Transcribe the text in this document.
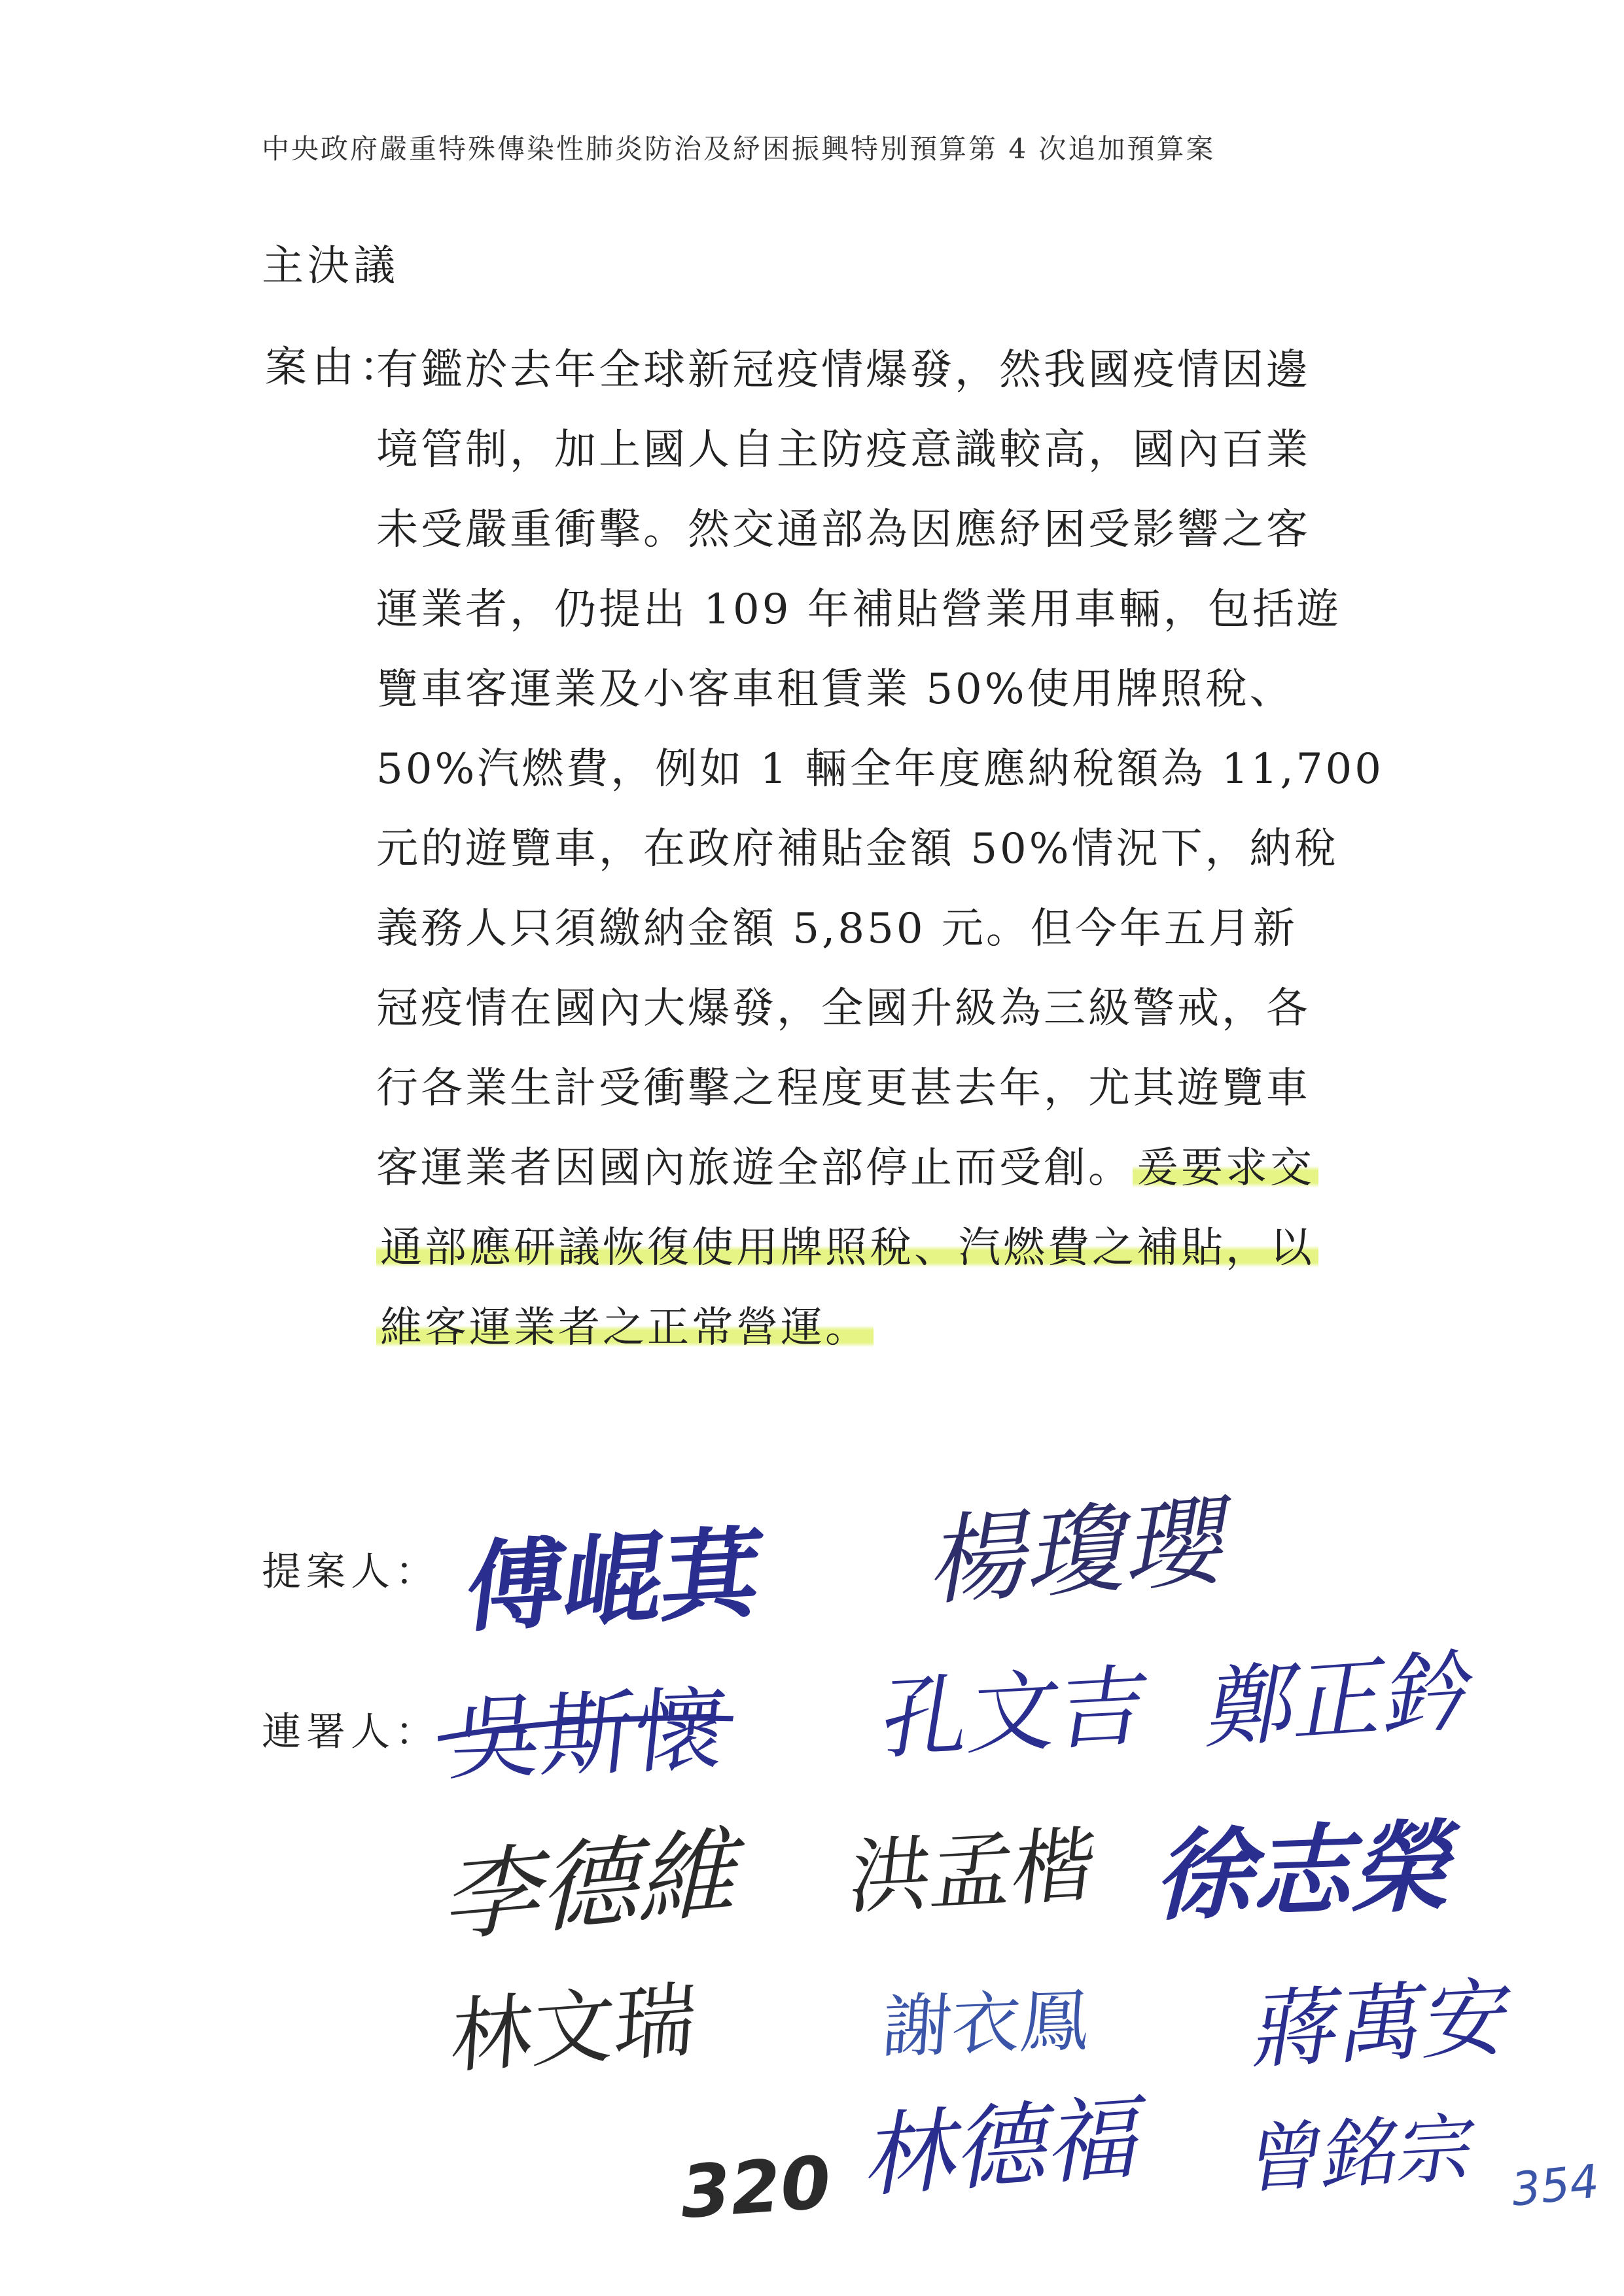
中央政府嚴重特殊傳染性肺炎防治及紓困振興特別預算第 4 次追加預算案
主決議
案由：
有鑑於去年全球新冠疫情爆發，然我國疫情因邊
境管制，加上國人自主防疫意識較高，國內百業
未受嚴重衝擊。然交通部為因應紓困受影響之客
運業者，仍提出 109 年補貼營業用車輛，包括遊
覽車客運業及小客車租賃業 50%使用牌照稅、
50%汽燃費，例如 1 輛全年度應納稅額為 11,700
元的遊覽車，在政府補貼金額 50%情況下，納稅
義務人只須繳納金額 5,850 元。但今年五月新
冠疫情在國內大爆發，全國升級為三級警戒，各
行各業生計受衝擊之程度更甚去年，尤其遊覽車
客運業者因國內旅遊全部停止而受創。爰要求交
通部應研議恢復使用牌照稅、汽燃費之補貼，以
維客運業者之正常營運。
提案人： 傅崐萁 楊瓊瓔
連署人： 吳斯懷 孔文吉 鄭正鈐
李德維 洪孟楷 徐志榮
林文瑞	謝衣鳯 蔣萬安
林德福 曾銘宗
320	354
